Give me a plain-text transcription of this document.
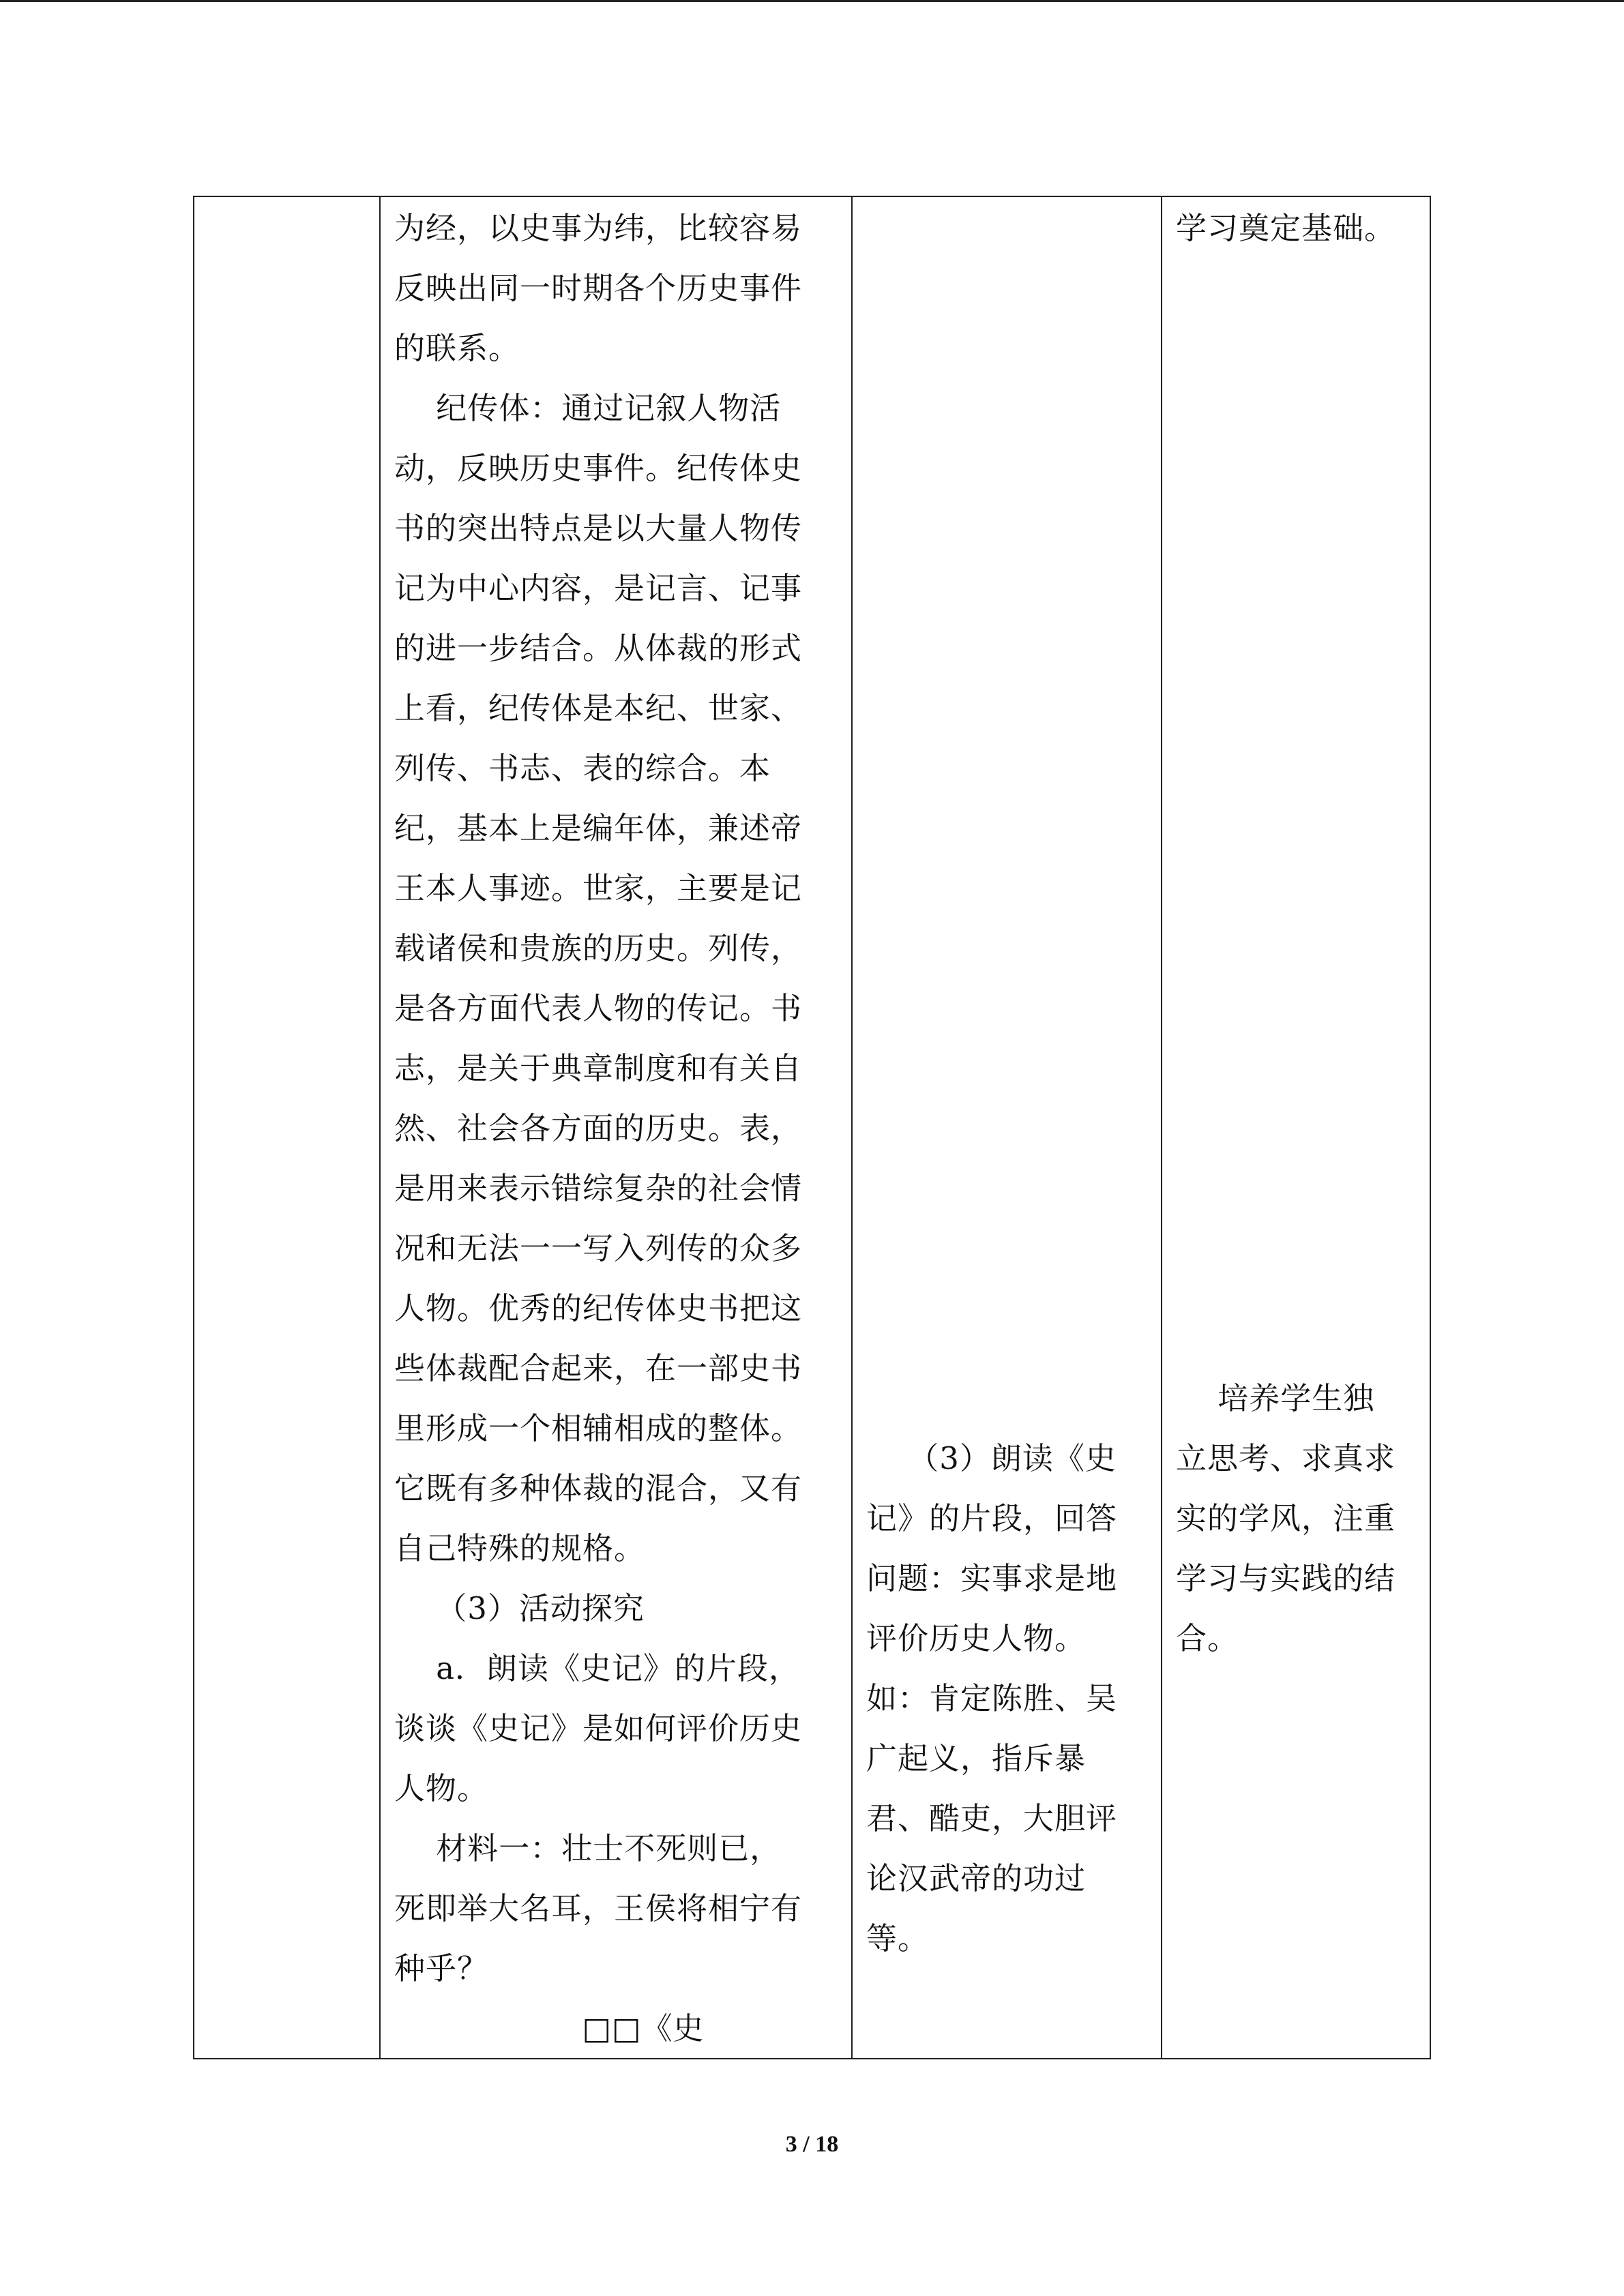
为经，以史事为纬，比较容易
反映出同一时期各个历史事件
的联系。
纪传体：通过记叙人物活
动，反映历史事件。纪传体史
书的突出特点是以大量人物传
记为中心内容，是记言、记事
的进一步结合。从体裁的形式
上看，纪传体是本纪、世家、
列传、书志、表的综合。本
纪，基本上是编年体，兼述帝
王本人事迹。世家，主要是记
载诸侯和贵族的历史。列传，
是各方面代表人物的传记。书
志，是关于典章制度和有关自
然、社会各方面的历史。表，
是用来表示错综复杂的社会情
况和无法一一写入列传的众多
人物。优秀的纪传体史书把这
些体裁配合起来，在一部史书
里形成一个相辅相成的整体。
它既有多种体裁的混合，又有
自己特殊的规格。
（3）活动探究
a．朗读《史记》的片段，
谈谈《史记》是如何评价历史
人物。
材料一：壮士不死则已，
死即举大名耳，王侯将相宁有
种乎？
□□《史
（3）朗读《史
记》的片段，回答
问题：实事求是地
评价历史人物。
如：肯定陈胜、吴
广起义，指斥暴
君、酷吏，大胆评
论汉武帝的功过
等。
学习奠定基础。
培养学生独
立思考、求真求
实的学风，注重
学习与实践的结
合。
3 / 18
